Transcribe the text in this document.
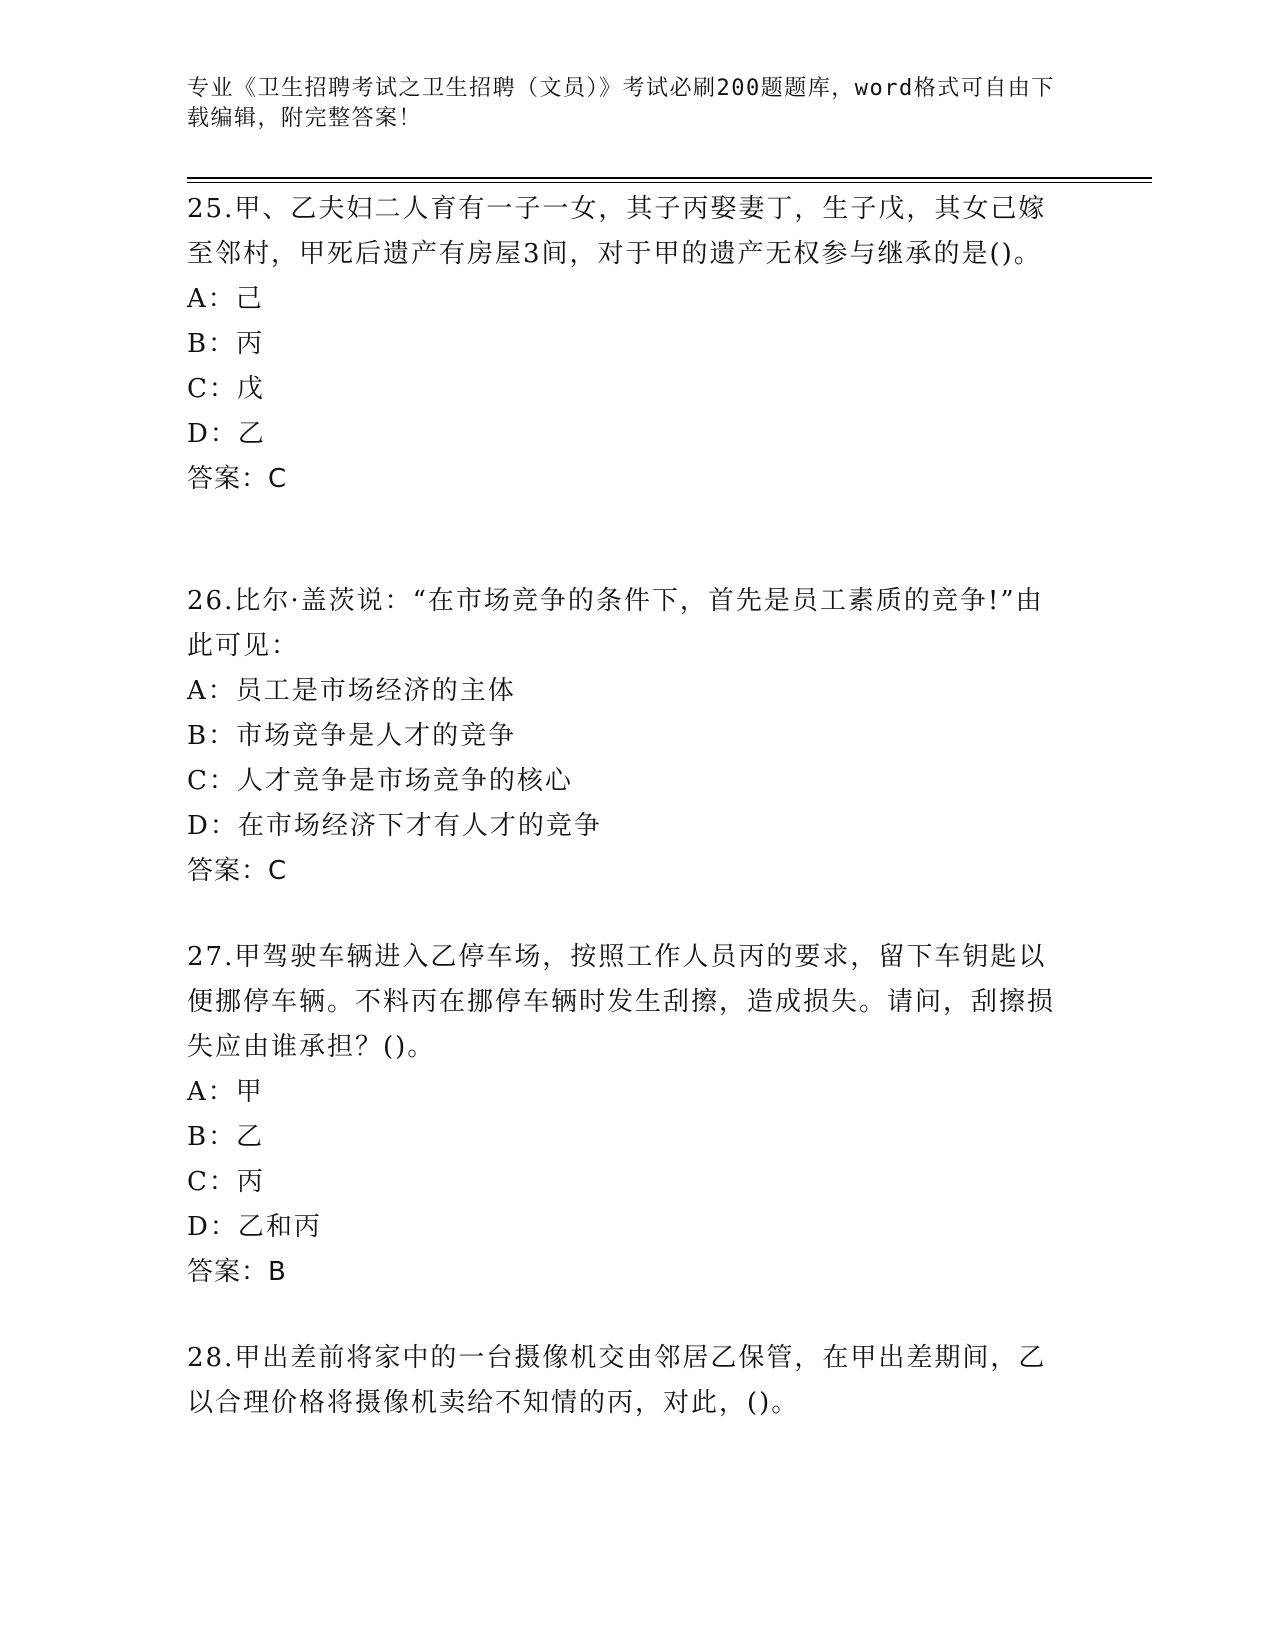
专业《卫生招聘考试之卫生招聘（文员）》考试必刷200题题库，word格式可自由下载编辑，附完整答案！

25.甲、乙夫妇二人育有一子一女，其子丙娶妻丁，生子戊，其女己嫁至邻村，甲死后遗产有房屋3间，对于甲的遗产无权参与继承的是()。

A：己

B：丙

C：戊

D：乙

答案：C

26.比尔·盖茨说：“在市场竞争的条件下，首先是员工素质的竞争!”由此可见：

A：员工是市场经济的主体

B：市场竞争是人才的竞争

C：人才竞争是市场竞争的核心

D：在市场经济下才有人才的竞争

答案：C

27.甲驾驶车辆进入乙停车场，按照工作人员丙的要求，留下车钥匙以便挪停车辆。不料丙在挪停车辆时发生刮擦，造成损失。请问，刮擦损失应由谁承担？()。

A：甲

B：乙

C：丙

D：乙和丙

答案：B

28.甲出差前将家中的一台摄像机交由邻居乙保管，在甲出差期间，乙以合理价格将摄像机卖给不知情的丙，对此，()。
